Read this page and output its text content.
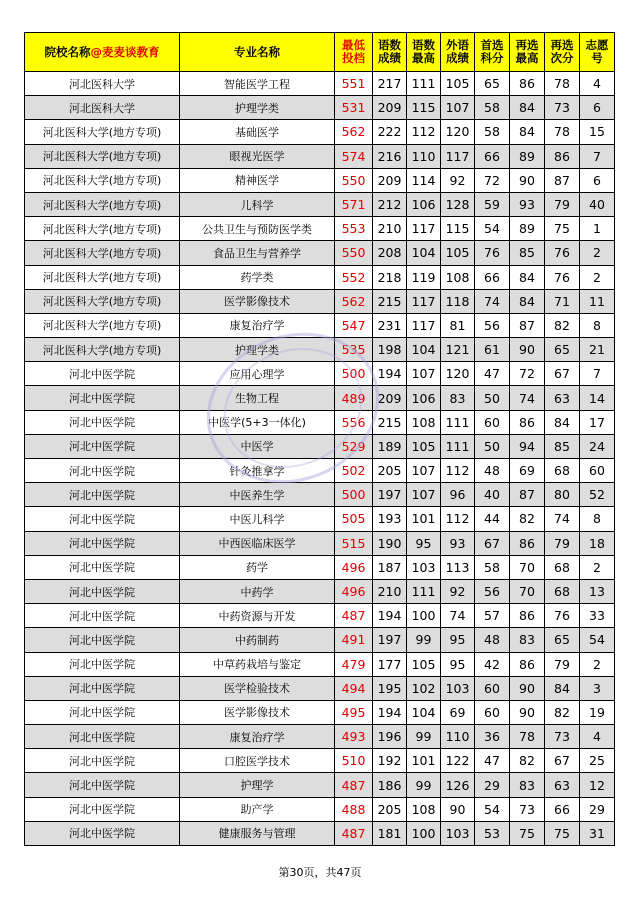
院校名称@麦麦谈教育	专业名称	最低投档	语数成绩	语数最高	外语成绩	首选科分	再选最高	再选次分	志愿号
河北医科大学	智能医学工程	551	217	111	105	65	86	78	4
河北医科大学	护理学类	531	209	115	107	58	84	73	6
河北医科大学(地方专项)	基础医学	562	222	112	120	58	84	78	15
河北医科大学(地方专项)	眼视光医学	574	216	110	117	66	89	86	7
河北医科大学(地方专项)	精神医学	550	209	114	92	72	90	87	6
河北医科大学(地方专项)	儿科学	571	212	106	128	59	93	79	40
河北医科大学(地方专项)	公共卫生与预防医学类	553	210	117	115	54	89	75	1
河北医科大学(地方专项)	食品卫生与营养学	550	208	104	105	76	85	76	2
河北医科大学(地方专项)	药学类	552	218	119	108	66	84	76	2
河北医科大学(地方专项)	医学影像技术	562	215	117	118	74	84	71	11
河北医科大学(地方专项)	康复治疗学	547	231	117	81	56	87	82	8
河北医科大学(地方专项)	护理学类	535	198	104	121	61	90	65	21
河北中医学院	应用心理学	500	194	107	120	47	72	67	7
河北中医学院	生物工程	489	209	106	83	50	74	63	14
河北中医学院	中医学(5+3一体化)	556	215	108	111	60	86	84	17
河北中医学院	中医学	529	189	105	111	50	94	85	24
河北中医学院	针灸推拿学	502	205	107	112	48	69	68	60
河北中医学院	中医养生学	500	197	107	96	40	87	80	52
河北中医学院	中医儿科学	505	193	101	112	44	82	74	8
河北中医学院	中西医临床医学	515	190	95	93	67	86	79	18
河北中医学院	药学	496	187	103	113	58	70	68	2
河北中医学院	中药学	496	210	111	92	56	70	68	13
河北中医学院	中药资源与开发	487	194	100	74	57	86	76	33
河北中医学院	中药制药	491	197	99	95	48	83	65	54
河北中医学院	中草药栽培与鉴定	479	177	105	95	42	86	79	2
河北中医学院	医学检验技术	494	195	102	103	60	90	84	3
河北中医学院	医学影像技术	495	194	104	69	60	90	82	19
河北中医学院	康复治疗学	493	196	99	110	36	78	73	4
河北中医学院	口腔医学技术	510	192	101	122	47	82	67	25
河北中医学院	护理学	487	186	99	126	29	83	63	12
河北中医学院	助产学	488	205	108	90	54	73	66	29
河北中医学院	健康服务与管理	487	181	100	103	53	75	75	31
第30页，共47页
